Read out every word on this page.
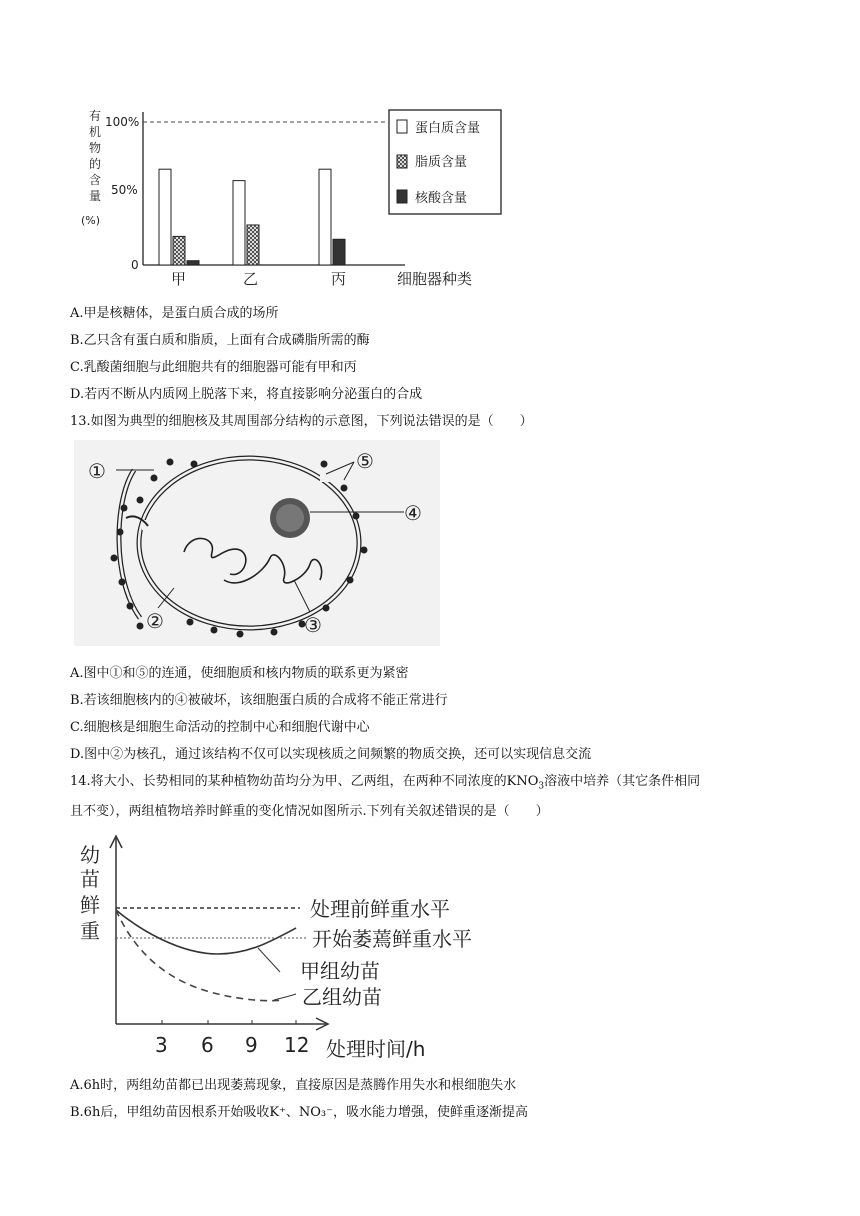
有
机
物
的
含
量
(%)
100%
50%
0
甲	乙	丙	细胞器种类
蛋白质含量
脂质含量
核酸含量
A.甲是核糖体，是蛋白质合成的场所
B.乙只含有蛋白质和脂质，上面有合成磷脂所需的酶
C.乳酸菌细胞与此细胞共有的细胞器可能有甲和丙
D.若丙不断从内质网上脱落下来，将直接影响分泌蛋白的合成
13.如图为典型的细胞核及其周围部分结构的示意图，下列说法错误的是（　　）
①
②	③
④
⑤
A.图中①和⑤的连通，使细胞质和核内物质的联系更为紧密
B.若该细胞核内的④被破坏，该细胞蛋白质的合成将不能正常进行
C.细胞核是细胞生命活动的控制中心和细胞代谢中心
D.图中②为核孔，通过该结构不仅可以实现核质之间频繁的物质交换，还可以实现信息交流
14.将大小、长势相同的某种植物幼苗均分为甲、乙两组，在两种不同浓度的$KNO_3$溶液中培养（其它条件相同
且不变），两组植物培养时鲜重的变化情况如图所示.下列有关叙述错误的是（　　）
幼
苗
鲜
重
3 6 9 12 处理时间/h
处理前鲜重水平
开始萎蔫鲜重水平
甲组幼苗
乙组幼苗
A.6h时，两组幼苗都已出现萎蔫现象，直接原因是蒸腾作用失水和根细胞失水
B.6h后，甲组幼苗因根系开始吸收K⁺、NO₃⁻，吸水能力增强，使鲜重逐渐提高
